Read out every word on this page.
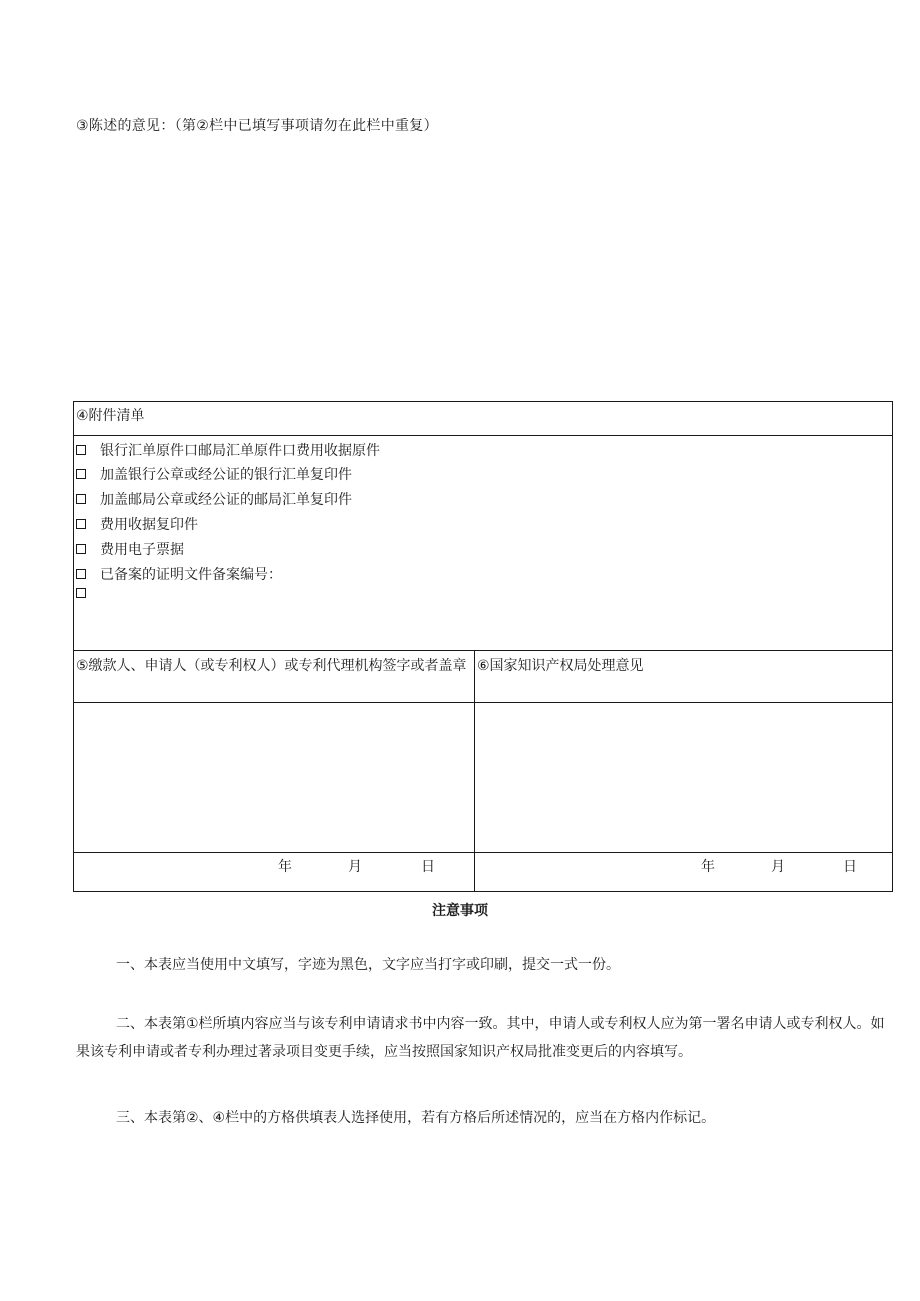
③陈述的意见：（第②栏中已填写事项请勿在此栏中重复）
④附件清单
银行汇单原件口邮局汇单原件口费用收据原件
加盖银行公章或经公证的银行汇单复印件
加盖邮局公章或经公证的邮局汇单复印件
费用收据复印件
费用电子票据
已备案的证明文件备案编号：
⑤缴款人、申请人（或专利权人）或专利代理机构签字或者盖章
年	月	日
⑥国家知识产权局处理意见
年	月	日
注意事项
一、本表应当使用中文填写，字迹为黑色，文字应当打字或印刷，提交一式一份。
二、本表第①栏所填内容应当与该专利申请请求书中内容一致。其中，申请人或专利权人应为第一署名申请人或专利权人。如果该专利申请或者专利办理过著录项目变更手续，应当按照国家知识产权局批准变更后的内容填写。
三、本表第②、④栏中的方格供填表人选择使用，若有方格后所述情况的，应当在方格内作标记。
